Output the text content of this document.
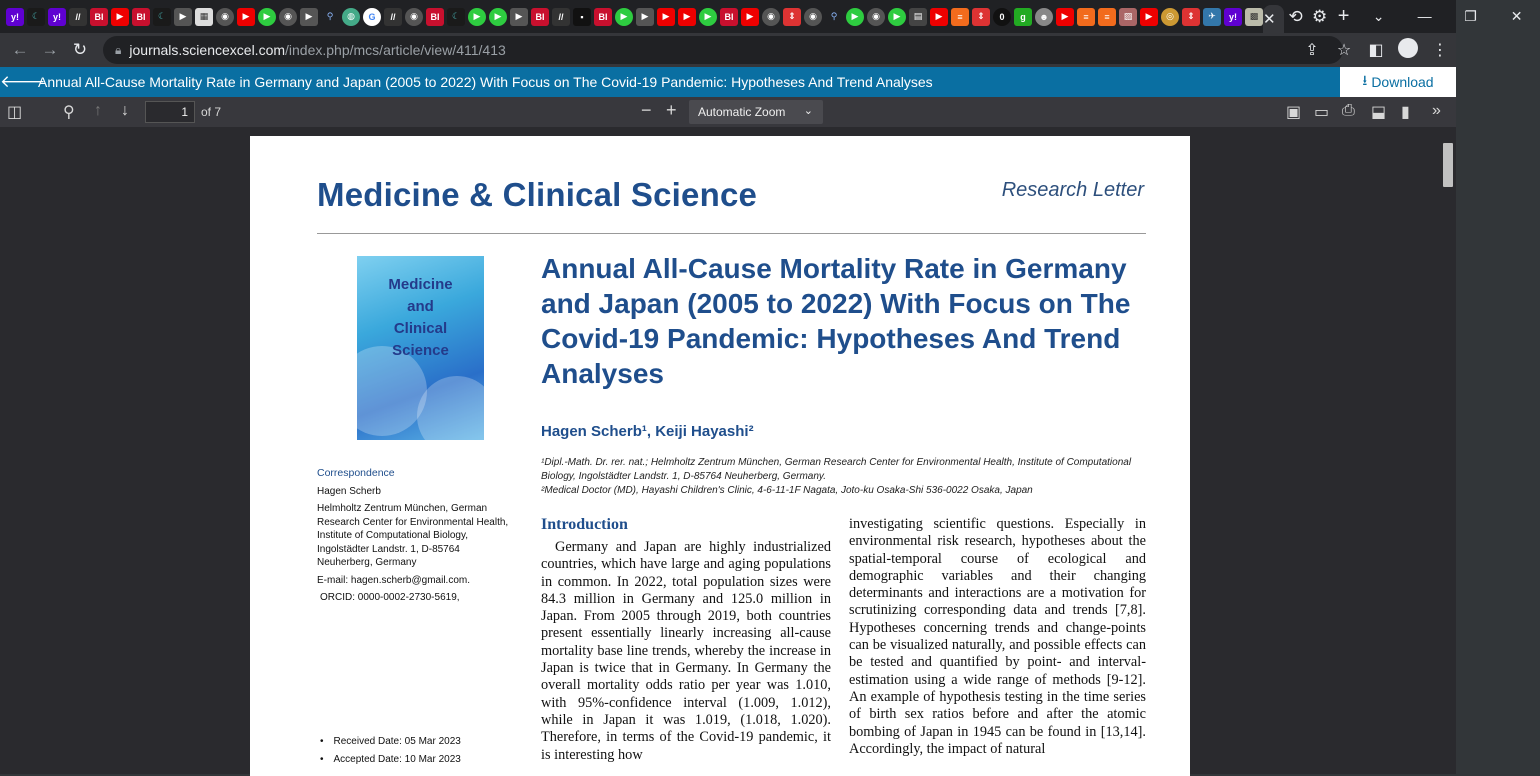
y!	☾	y!	//	BI	▶	BI	☾	▶	▦	◉	▶	▶	◉	▶	⚲	◍	G	//	◉	BI	☾	▶	▶	▶	BI	//	▪	BI	▶	▶	▶	▶	▶	BI	▶	◉	⇕	◉	⚲	▶	◉	▶	▤	▶	≡	⇕	0	g	☻	▶	≡	≡	▨	▶	◎	⇕	✈	y!	▩ ✕ ⟲ ⚙ +	⌄	—	❐	✕
← → ↻	🔒︎ journals.sciencexcel.com /index.php/mcs/article/view/411/413	⇪	☆	◧	⋮
🡐
Annual All-Cause Mortality Rate in Germany and Japan (2005 to 2022) With Focus on The Covid-19 Pandemic: Hypotheses And Trend Analyses	⭳ Download
◫	⚲ ↑ ↓
1	of 7	− + Automatic Zoom ⌄	▣ ▭ ⎙ ⬓ ▮ »
Medicine & Clinical Science	Research Letter
Medicine
and
Clinical Science
Annual All-Cause Mortality Rate in Germany and Japan (2005 to 2022) With Focus on The Covid-19 Pandemic: Hypotheses And Trend Analyses
Hagen Scherb¹, Keiji Hayashi²
¹Dipl.-Math. Dr. rer. nat.; Helmholtz Zentrum München, German Research Center for Environmental Health, Institute of Computational Biology, Ingolstädter Landstr. 1, D-85764 Neuherberg, Germany.
²Medical Doctor (MD), Hayashi Children's Clinic, 4-6-11-1F Nagata, Joto-ku Osaka-Shi 536-0022 Osaka, Japan
Correspondence

Hagen Scherb

Helmholtz Zentrum München, German Research Center for Environmental Health, Institute of Computational Biology, Ingolstädter Landstr. 1, D-85764 Neuherberg, Germany

E-mail: hagen.scherb@gmail.com.

ORCID: 0000-0002-2730-5619,

• Received Date: 05 Mar 2023
• Accepted Date: 10 Mar 2023
Introduction
Germany and Japan are highly industrialized countries, which have large and aging populations in common. In 2022, total population sizes were 84.3 million in Germany and 125.0 million in Japan. From 2005 through 2019, both countries present essentially linearly increasing all-cause mortality base line trends, whereby the increase in Japan is twice that in Germany. In Germany the overall mortality odds ratio per year was 1.010, with 95%-confidence interval (1.009, 1.012), while in Japan it was 1.019, (1.018, 1.020). Therefore, in terms of the Covid-19 pandemic, it is interesting how
investigating scientific questions. Especially in environmental risk research, hypotheses about the spatial-temporal course of ecological and demographic variables and their changing determinants and interactions are a motivation for scrutinizing corresponding data and trends [7,8]. Hypotheses concerning trends and change-points can be visualized naturally, and possible effects can be tested and quantified by point- and interval-estimation using a wide range of methods [9-12]. An example of hypothesis testing in the time series of birth sex ratios before and after the atomic bombing of Japan in 1945 can be found in [13,14]. Accordingly, the impact of natural
